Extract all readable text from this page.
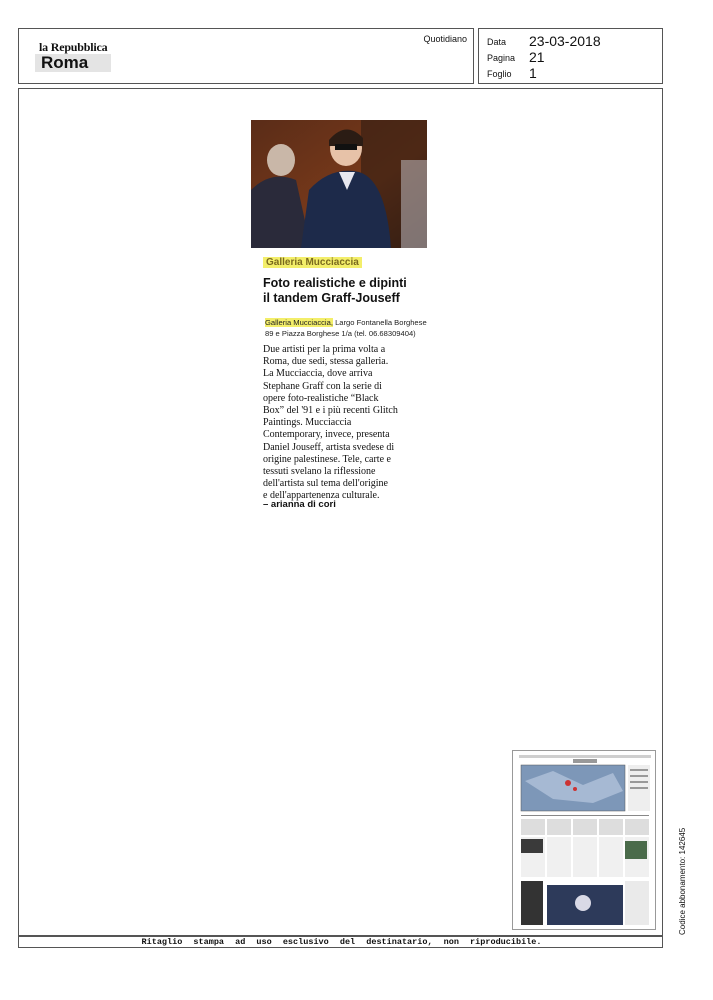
la Repubblica
Roma
Quotidiano Data 23-03-2018
Pagina 21
Foglio 1
Galleria Mucciaccia
Foto realistiche e dipinti
il tandem Graff-Jouseff
Galleria Mucciaccia, Largo Fontanella Borghese
89 e Piazza Borghese 1/a (tel. 06.68309404)
Due artisti per la prima volta a
Roma, due sedi, stessa galleria.
La Mucciaccia, dove arriva
Stephane Graff con la serie di
opere foto-realistiche “Black
Box” del '91 e i più recenti Glitch
Paintings. Mucciaccia
Contemporary, invece, presenta
Daniel Jouseff, artista svedese di
origine palestinese. Tele, carte e
tessuti svelano la riflessione
dell'artista sul tema dell'origine
e dell'appartenenza culturale.
– arianna di cori
Codice abbonamento: 142645
Ritaglio stampa ad uso esclusivo del destinatario, non riproducibile.
